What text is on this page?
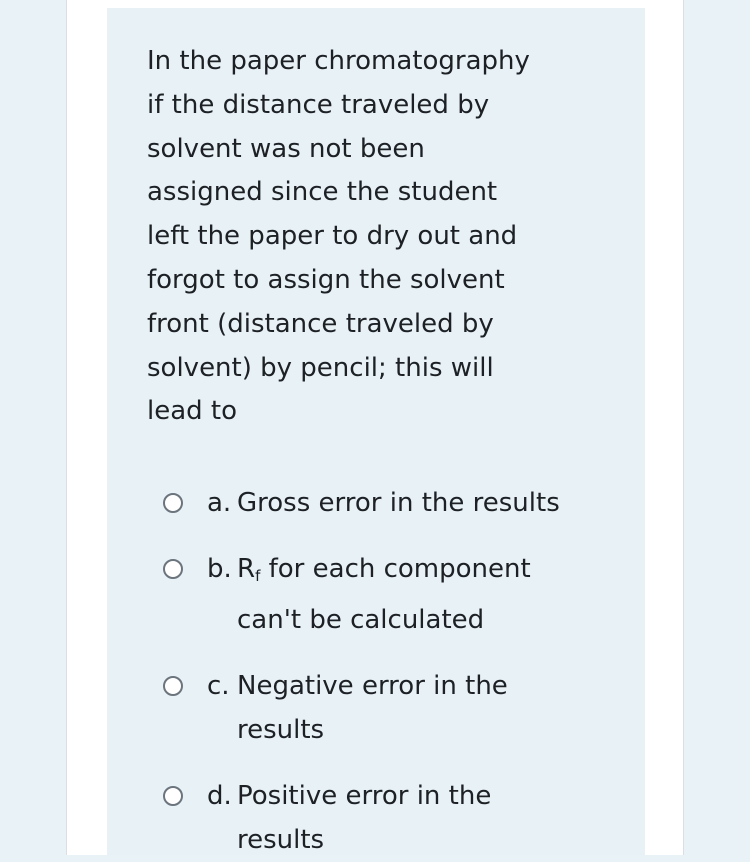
In the paper chromatography
if the distance traveled by
solvent was not been
assigned since the student
left the paper to dry out and
forgot to assign the solvent
front (distance traveled by
solvent) by pencil; this will
lead to

a. Gross error in the results
b. $R_f$ for each component
can't be calculated
c. Negative error in the
results
d. Positive error in the
results
